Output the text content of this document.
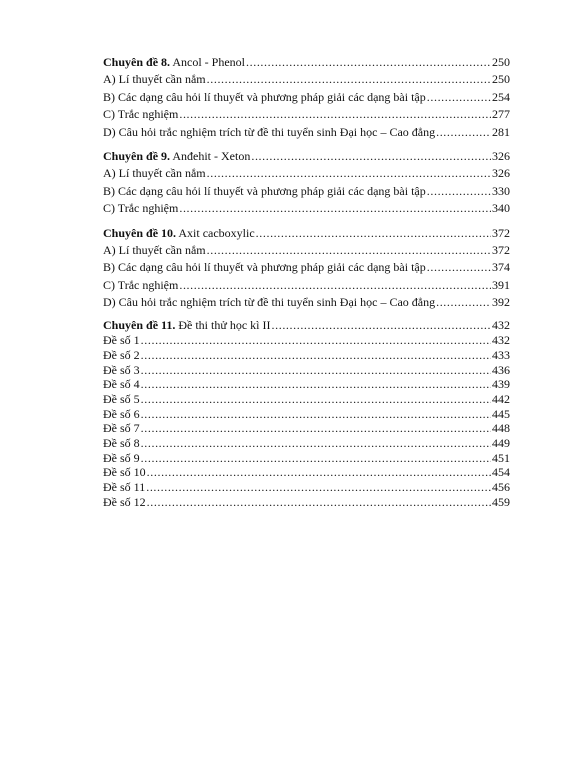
Chuyên đề 8. Ancol - Phenol .....	250
A) Lí thuyết cần nắm .....	250
B) Các dạng câu hỏi lí thuyết và phương pháp giải các dạng bài tập .....	254
C) Trắc nghiệm .....	277
D) Câu hỏi trắc nghiệm trích từ đề thi tuyển sinh Đại học – Cao đẳng .....	281
Chuyên đề 9. Anđehit - Xeton .....	326
A) Lí thuyết cần nắm .....	326
B) Các dạng câu hỏi lí thuyết và phương pháp giải các dạng bài tập .....	330
C) Trắc nghiệm .....	340
Chuyên đề 10. Axit cacboxylic .....	372
A) Lí thuyết cần nắm .....	372
B) Các dạng câu hỏi lí thuyết và phương pháp giải các dạng bài tập .....	374
C) Trắc nghiệm .....	391
D) Câu hỏi trắc nghiệm trích từ đề thi tuyển sinh Đại học – Cao đẳng .....	392
Chuyên đề 11. Đề thi thử học kì II .....	432
Đề số 1 .....	432
Đề số 2 .....	433
Đề số 3 .....	436
Đề số 4 .....	439
Đề số 5 .....	442
Đề số 6 .....	445
Đề số 7 .....	448
Đề số 8 .....	449
Đề số 9 .....	451
Đề số 10 .....	454
Đề số 11 .....	456
Đề số 12 .....	459
